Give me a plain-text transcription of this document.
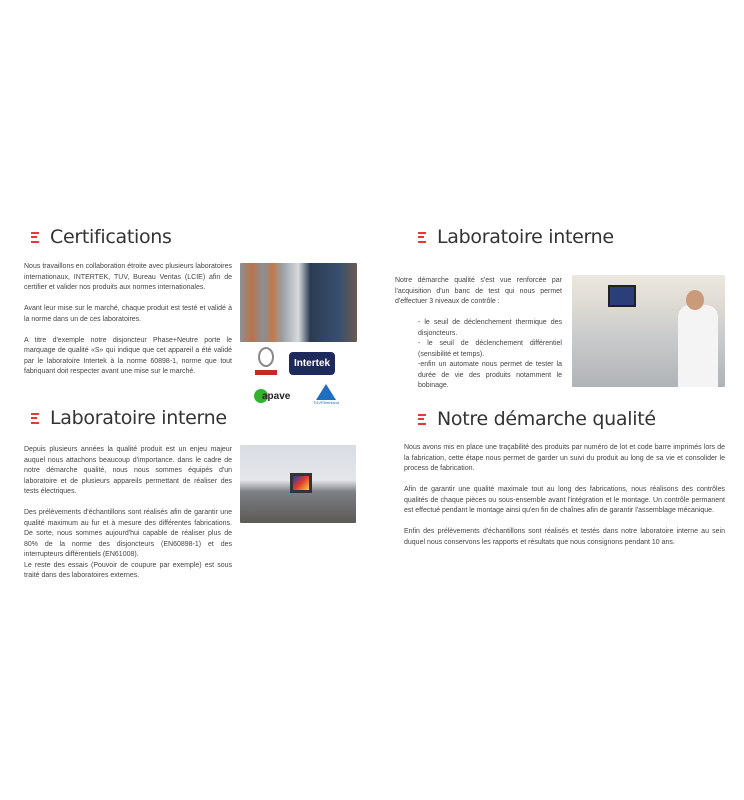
Certifications

Nous travaillons en collaboration étroite avec plusieurs laboratoires internationaux, INTERTEK, TUV, Bureau Veritas (LCIE) afin de certifier et valider nos produits aux normes internationales.

Avant leur mise sur le marché, chaque produit est testé et validé à la norme dans un de ces laboratoires.

A titre d'exemple notre disjoncteur Phase+Neutre porte le marquage de qualité «S» qui indique que cet appareil a été validé par le laboratoire Intertek à la norme 60898-1, norme que tout fabriquant doit respecter avant une mise sur le marché.

Intertek
apave
TÜVRheinland
Laboratoire interne

Depuis plusieurs années la qualité produit est un enjeu majeur auquel nous attachons beaucoup d'importance. dans le cadre de notre démarche qualité, nous nous sommes équipés d'un laboratoire et de plusieurs appareils permettant de réaliser des tests électriques.

Des prélèvements d'échantillons sont réalisés afin de garantir une qualité maximum au fur et à mesure des différentes fabrications. De sorte, nous sommes aujourd'hui capable de réaliser plus de 80% de la norme des disjoncteurs (EN60898-1) et des interrupteurs différentiels (EN61008).

Le reste des essais (Pouvoir de coupure par exemple) est sous traité dans des laboratoires externes.

Laboratoire interne

Notre démarche qualité s'est vue renforcée par l'acquisition d'un banc de test qui nous permet d'effectuer 3 niveaux de contrôle :

- le seuil de déclenchement thermique des disjoncteurs.

- le seuil de déclenchement différentiel (sensibilité et temps).

-enfin un automate nous permet de tester la durée de vie des produits notamment le bobinage.

Notre démarche qualité

Nous avons mis en place une traçabilité des produits par numéro de lot et code barre imprimés lors de la fabrication, cette étape nous permet de garder un suivi du produit au long de sa vie et consolider le process de fabrication.

Afin de garantir une qualité maximale tout au long des fabrications, nous réalisons des contrôles qualités de chaque pièces ou sous-ensemble avant l'intégration et le montage. Un contrôle permanent est effectué pendant le montage ainsi qu'en fin de chaînes afin de garantir l'assemblage mécanique.

Enfin des prélèvements d'échantillons sont réalisés et testés dans notre laboratoire interne au sein duquel nous conservons les rapports et résultats que nous consignons pendant 10 ans.
